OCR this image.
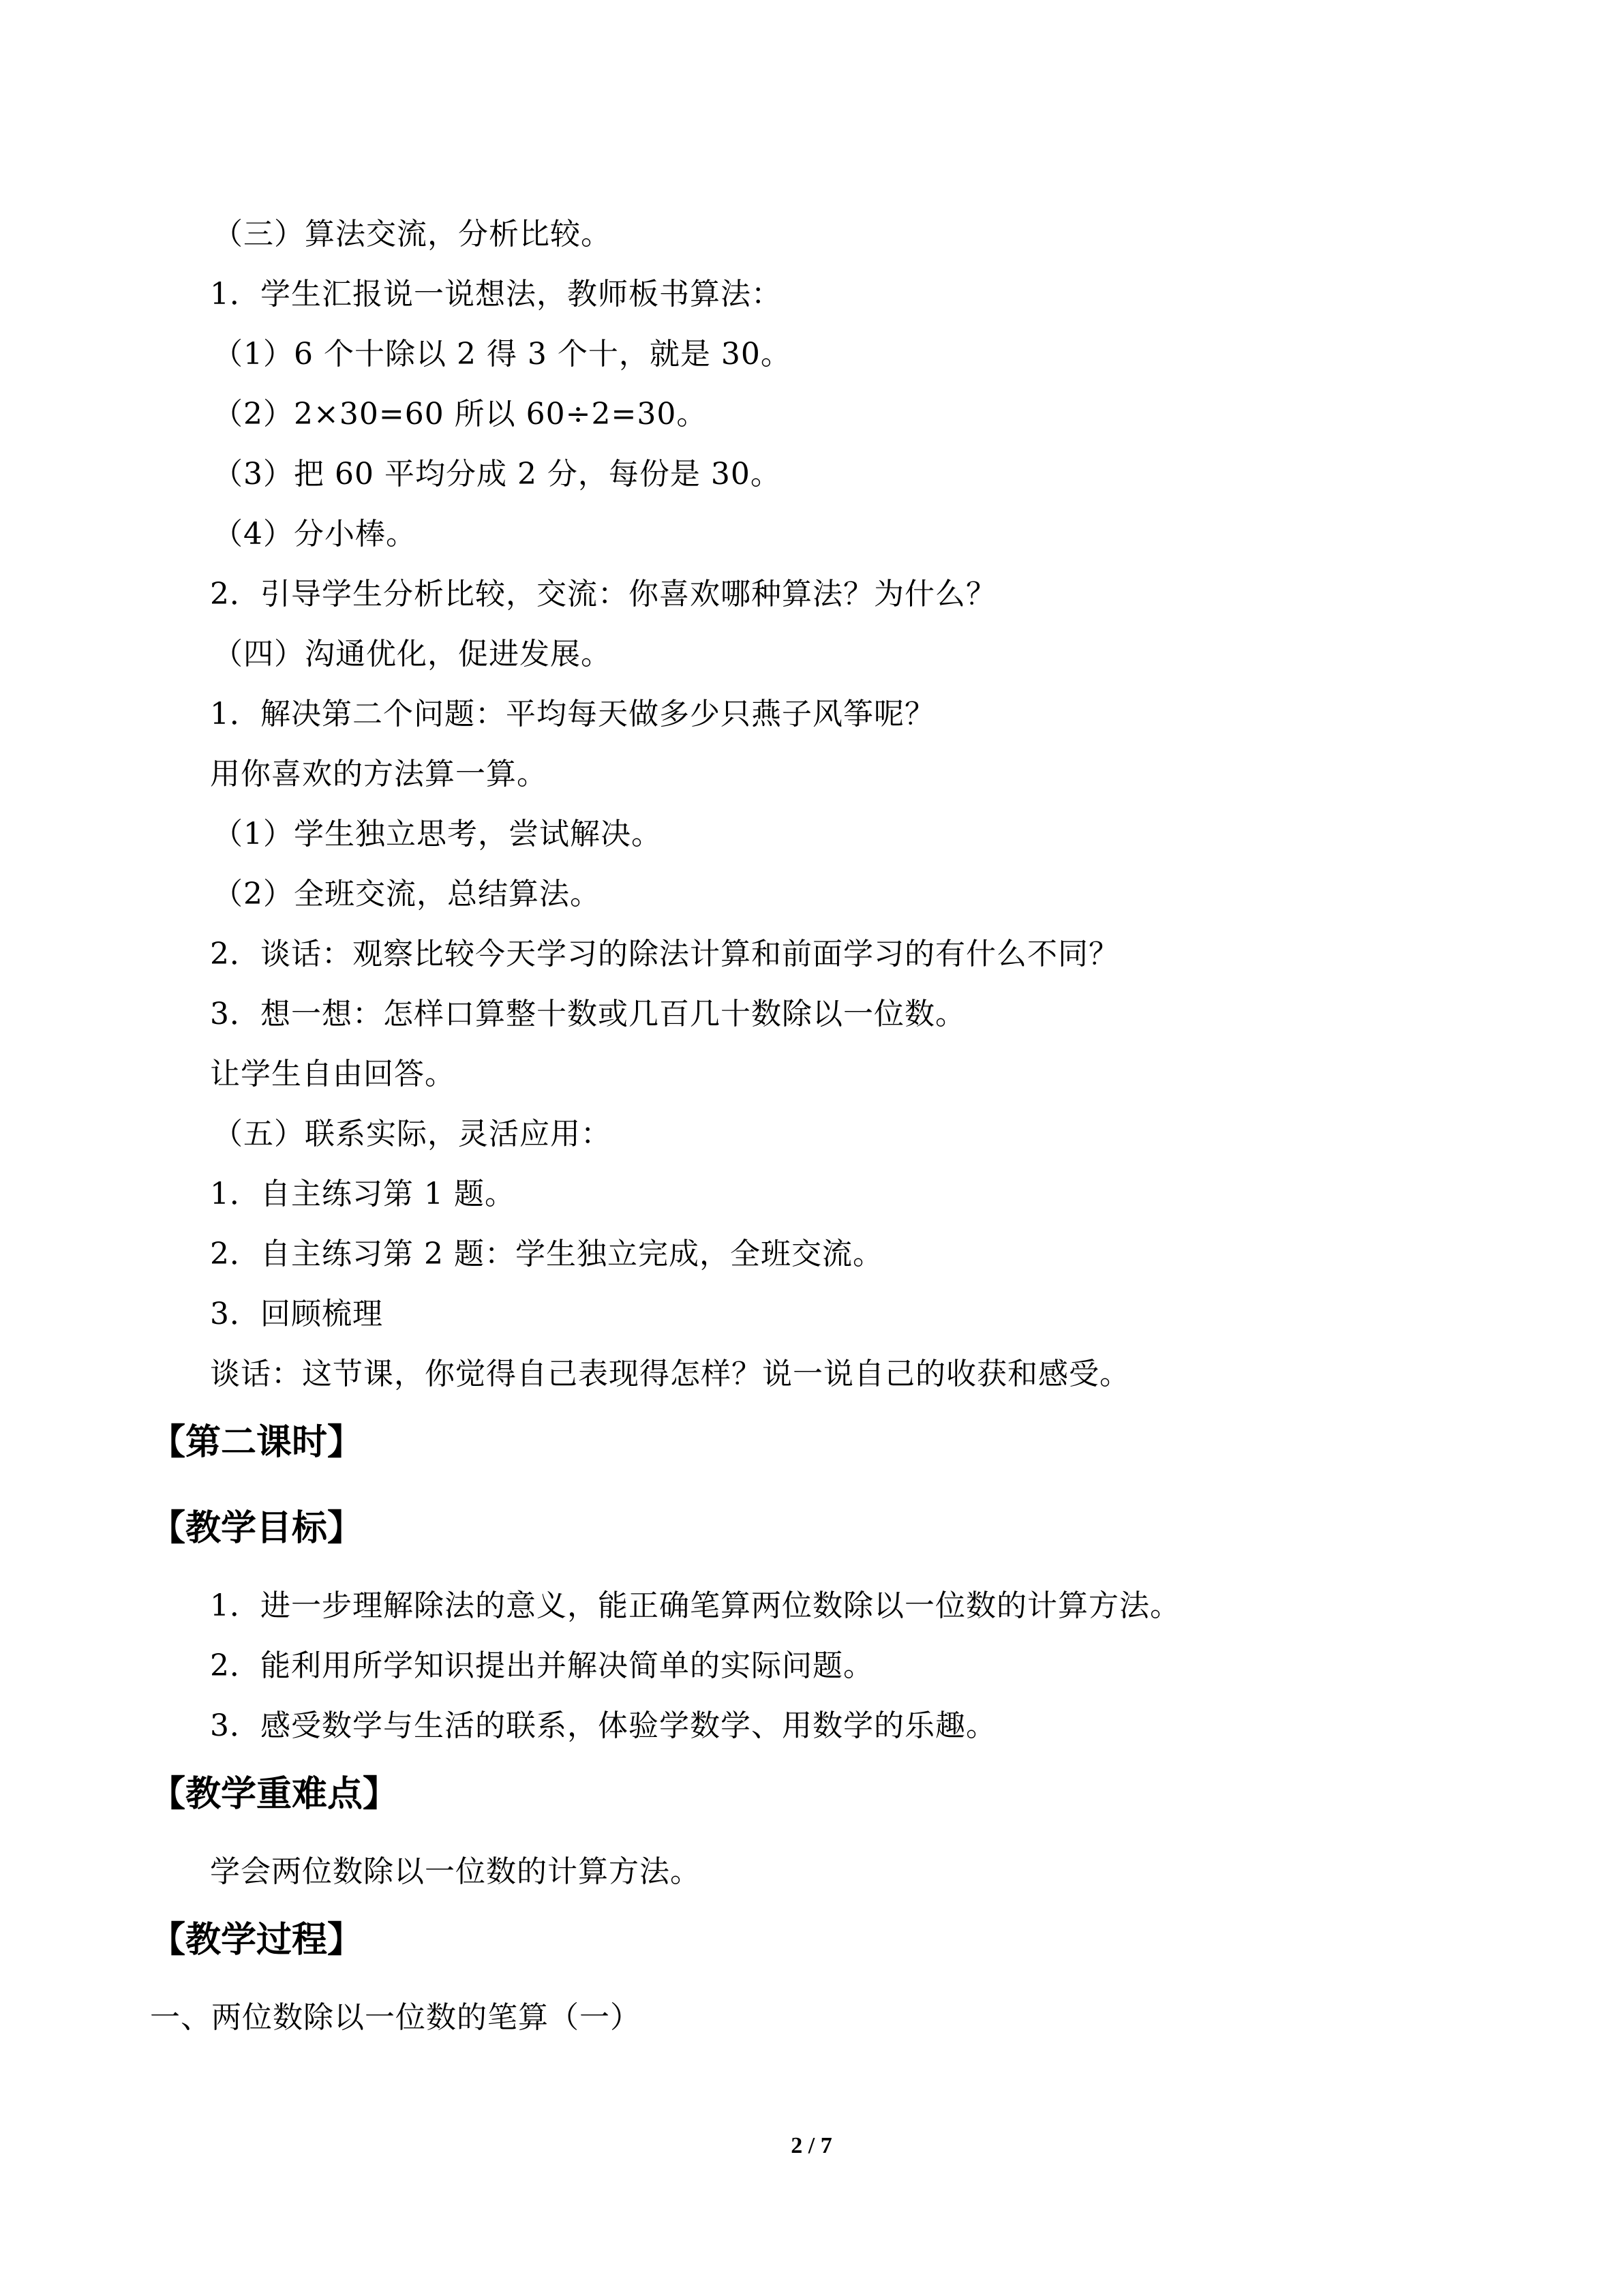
（三）算法交流，分析比较。
1．学生汇报说一说想法，教师板书算法：
（1）6 个十除以 2 得 3 个十，就是 30。
（2）2×30=60 所以 60÷2=30。
（3）把 60 平均分成 2 分，每份是 30。
（4）分小棒。
2．引导学生分析比较，交流：你喜欢哪种算法？为什么？
（四）沟通优化，促进发展。
1．解决第二个问题：平均每天做多少只燕子风筝呢？
用你喜欢的方法算一算。
（1）学生独立思考，尝试解决。
（2）全班交流，总结算法。
2．谈话：观察比较今天学习的除法计算和前面学习的有什么不同？
3．想一想：怎样口算整十数或几百几十数除以一位数。
让学生自由回答。
（五）联系实际，灵活应用：
1．自主练习第 1 题。
2．自主练习第 2 题：学生独立完成，全班交流。
3．回顾梳理
谈话：这节课，你觉得自己表现得怎样？说一说自己的收获和感受。
【第二课时】
【教学目标】
1．进一步理解除法的意义，能正确笔算两位数除以一位数的计算方法。
2．能利用所学知识提出并解决简单的实际问题。
3．感受数学与生活的联系，体验学数学、用数学的乐趣。
【教学重难点】
学会两位数除以一位数的计算方法。
【教学过程】
一、两位数除以一位数的笔算（一）
2 / 7
